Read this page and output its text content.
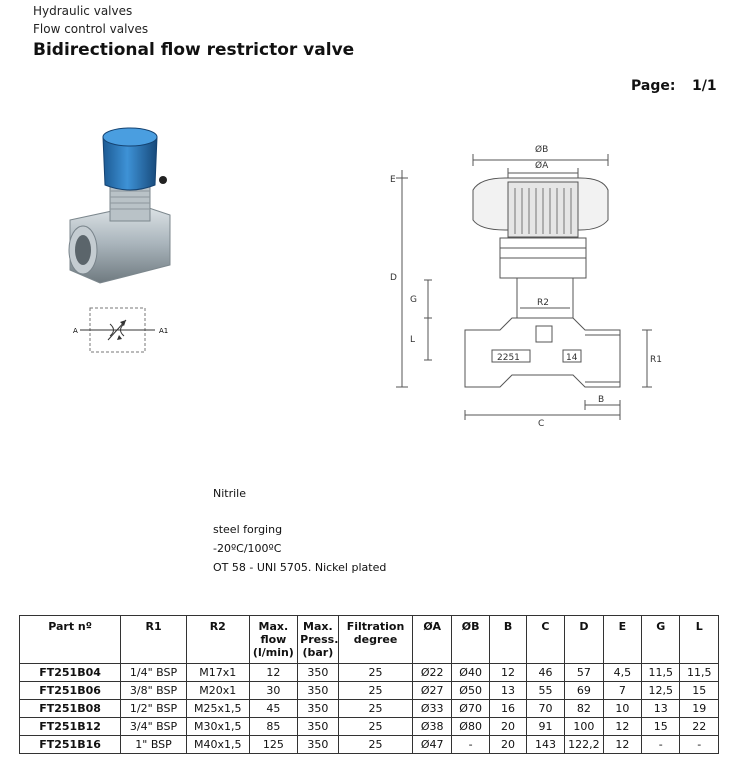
Hydraulic valves
Flow control valves
Bidirectional flow restrictor valve
Page: 1/1
A	A1
ØB
ØA
E
D
G
L
R2
R1
B
C
2251	14
Nitrile
steel forging
-20ºC/100ºC
OT 58 - UNI 5705. Nickel plated
Part nº	R1	R2	Max. flow (l/min)	Max. Press. (bar)	Filtration degree	ØA	ØB	B	C	D	E	G	L
FT251B04	1/4" BSP	M17x1	12	350	25	Ø22	Ø40	12	46	57	4,5	11,5	11,5
FT251B06	3/8" BSP	M20x1	30	350	25	Ø27	Ø50	13	55	69	7	12,5	15
FT251B08	1/2" BSP	M25x1,5	45	350	25	Ø33	Ø70	16	70	82	10	13	19
FT251B12	3/4" BSP	M30x1,5	85	350	25	Ø38	Ø80	20	91	100	12	15	22
FT251B16	1" BSP	M40x1,5	125	350	25	Ø47	-	20	143	122,2	12	-	-
